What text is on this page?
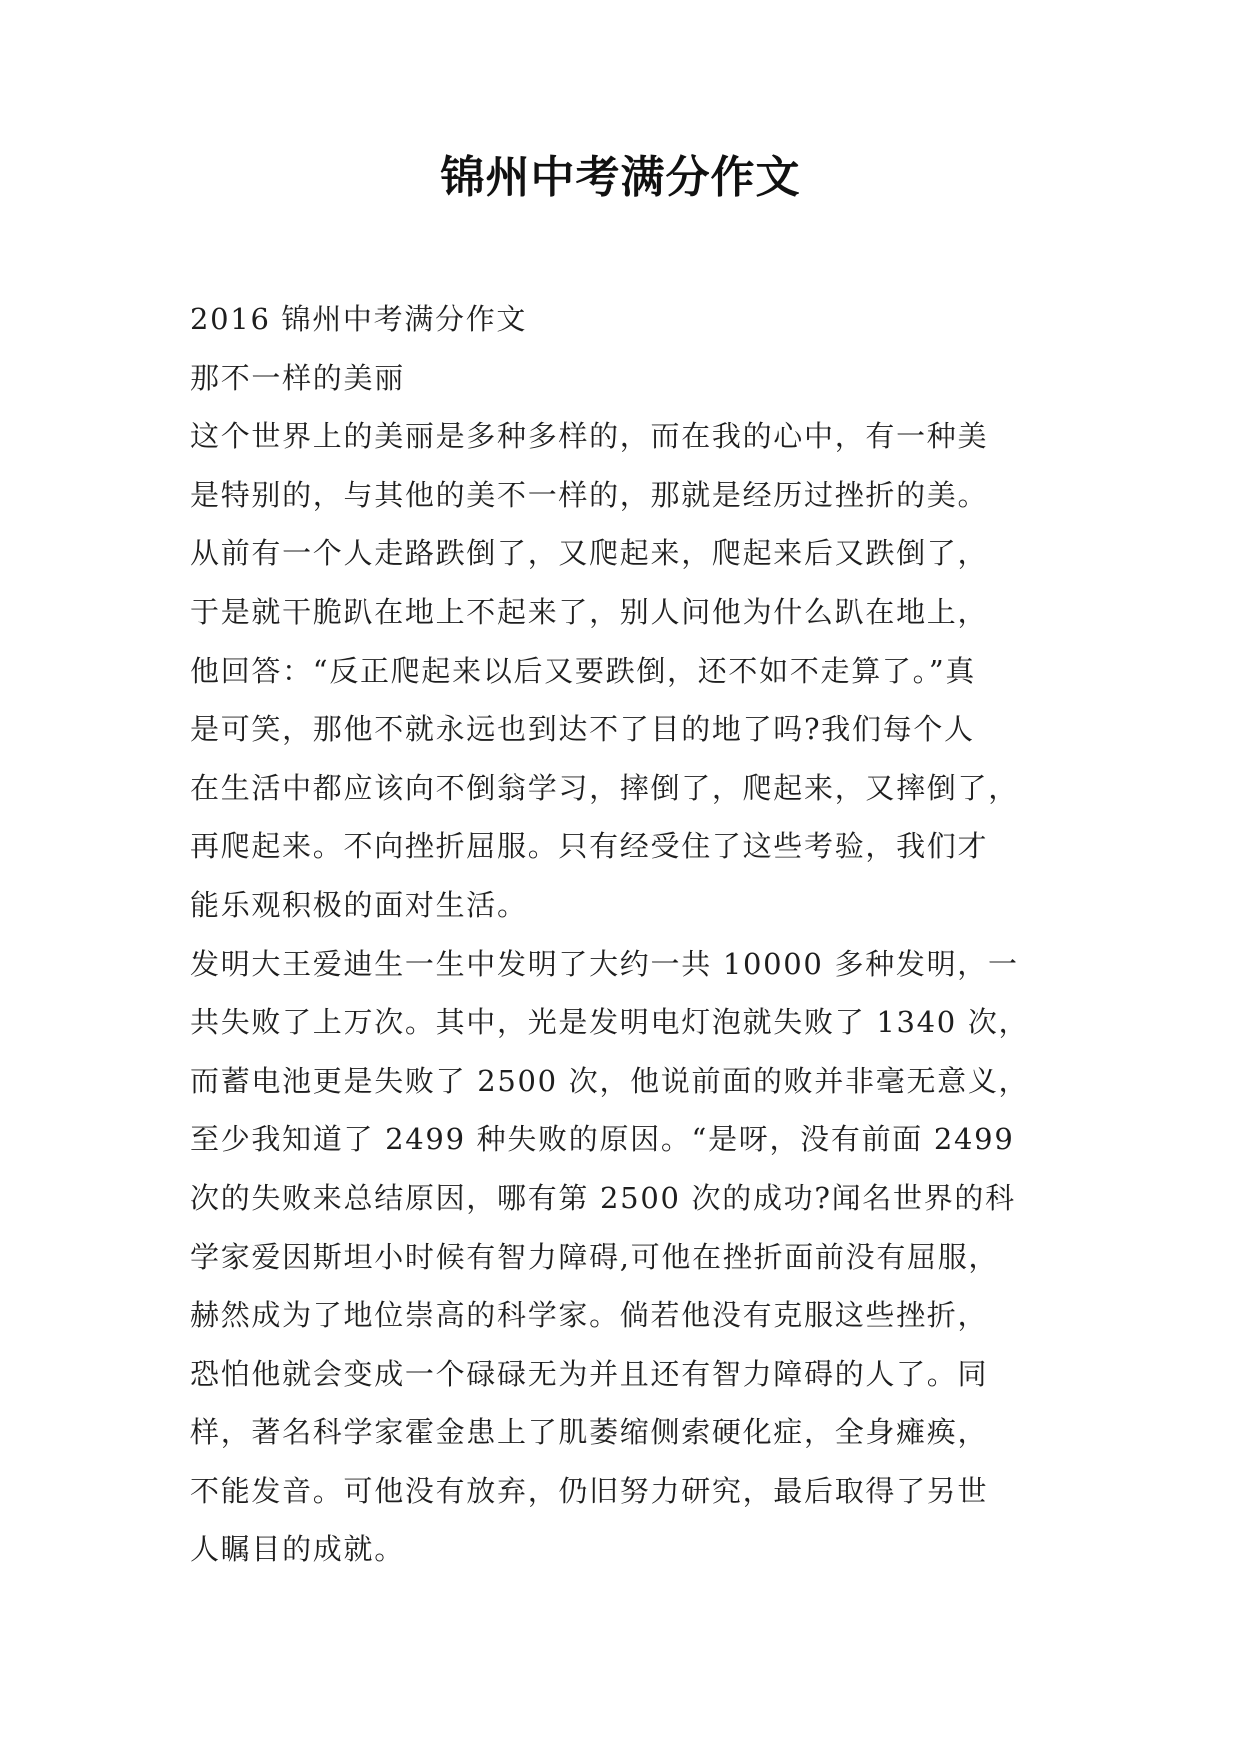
锦州中考满分作文
2016 锦州中考满分作文
那不一样的美丽
这个世界上的美丽是多种多样的，而在我的心中，有一种美
是特别的，与其他的美不一样的，那就是经历过挫折的美。
从前有一个人走路跌倒了，又爬起来，爬起来后又跌倒了，
于是就干脆趴在地上不起来了，别人问他为什么趴在地上，
他回答：“反正爬起来以后又要跌倒，还不如不走算了。”真
是可笑，那他不就永远也到达不了目的地了吗?我们每个人
在生活中都应该向不倒翁学习，摔倒了，爬起来，又摔倒了，
再爬起来。不向挫折屈服。只有经受住了这些考验，我们才
能乐观积极的面对生活。
发明大王爱迪生一生中发明了大约一共 10000 多种发明，一
共失败了上万次。其中，光是发明电灯泡就失败了 1340 次，
而蓄电池更是失败了 2500 次，他说前面的败并非毫无意义，
至少我知道了 2499 种失败的原因。“是呀，没有前面 2499
次的失败来总结原因，哪有第 2500 次的成功?闻名世界的科
学家爱因斯坦小时候有智力障碍,可他在挫折面前没有屈服，
赫然成为了地位崇高的科学家。倘若他没有克服这些挫折，
恐怕他就会变成一个碌碌无为并且还有智力障碍的人了。同
样，著名科学家霍金患上了肌萎缩侧索硬化症，全身瘫痪，
不能发音。可他没有放弃，仍旧努力研究，最后取得了另世
人瞩目的成就。
